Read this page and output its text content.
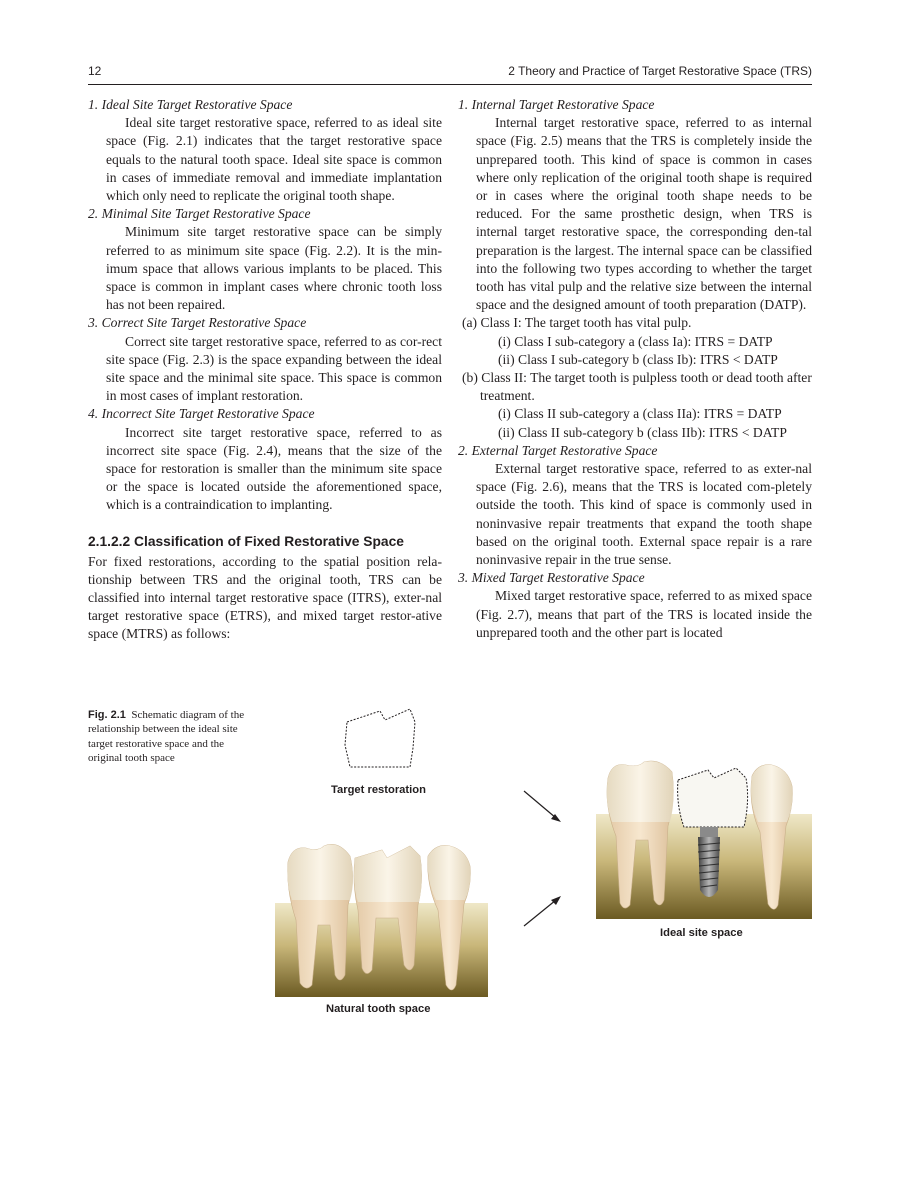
12	2 Theory and Practice of Target Restorative Space (TRS)

1. Ideal Site Target Restorative Space

Ideal site target restorative space, referred to as ideal site space (Fig. 2.1) indicates that the target restorative space equals to the natural tooth space. Ideal site space is common in cases of immediate removal and immediate implantation which only need to replicate the original tooth shape.

2. Minimal Site Target Restorative Space

Minimum site target restorative space can be simply referred to as minimum site space (Fig. 2.2). It is the min-imum space that allows various implants to be placed. This space is common in implant cases where chronic tooth loss has not been repaired.

3. Correct Site Target Restorative Space

Correct site target restorative space, referred to as cor-rect site space (Fig. 2.3) is the space expanding between the ideal site space and the minimal site space. This space is common in most cases of implant restoration.

4. Incorrect Site Target Restorative Space

Incorrect site target restorative space, referred to as incorrect site space (Fig. 2.4), means that the size of the space for restoration is smaller than the minimum site space or the space is located outside the aforementioned space, which is a contraindication to implanting.

2.1.2.2 Classification of Fixed Restorative Space

For fixed restorations, according to the spatial position rela-tionship between TRS and the original tooth, TRS can be classified into internal target restorative space (ITRS), exter-nal target restorative space (ETRS), and mixed target restor-ative space (MTRS) as follows:

1. Internal Target Restorative Space

Internal target restorative space, referred to as internal space (Fig. 2.5) means that the TRS is completely inside the unprepared tooth. This kind of space is common in cases where only replication of the original tooth shape is required or in cases where the original tooth shape needs to be reduced. For the same prosthetic design, when TRS is internal target restorative space, the corresponding den-tal preparation is the largest. The internal space can be classified into the following two types according to whether the target tooth has vital pulp and the relative size between the internal space and the designed amount of tooth preparation (DATP).

(a) Class I: The target tooth has vital pulp.

(i) Class I sub-category a (class Ia): ITRS = DATP

(ii) Class I sub-category b (class Ib): ITRS < DATP

(b) Class II: The target tooth is pulpless tooth or dead tooth after treatment.

(i) Class II sub-category a (class IIa): ITRS = DATP

(ii) Class II sub-category b (class IIb): ITRS < DATP

2. External Target Restorative Space

External target restorative space, referred to as exter-nal space (Fig. 2.6), means that the TRS is located com-pletely outside the tooth. This kind of space is commonly used in noninvasive repair treatments that expand the tooth shape based on the original tooth. External space repair is a rare noninvasive repair in the true sense.

3. Mixed Target Restorative Space

Mixed target restorative space, referred to as mixed space (Fig. 2.7), means that part of the TRS is located inside the unprepared tooth and the other part is located

Fig. 2.1 Schematic diagram of the relationship between the ideal site target restorative space and the original tooth space
Target restoration
Natural tooth space
Ideal site space
